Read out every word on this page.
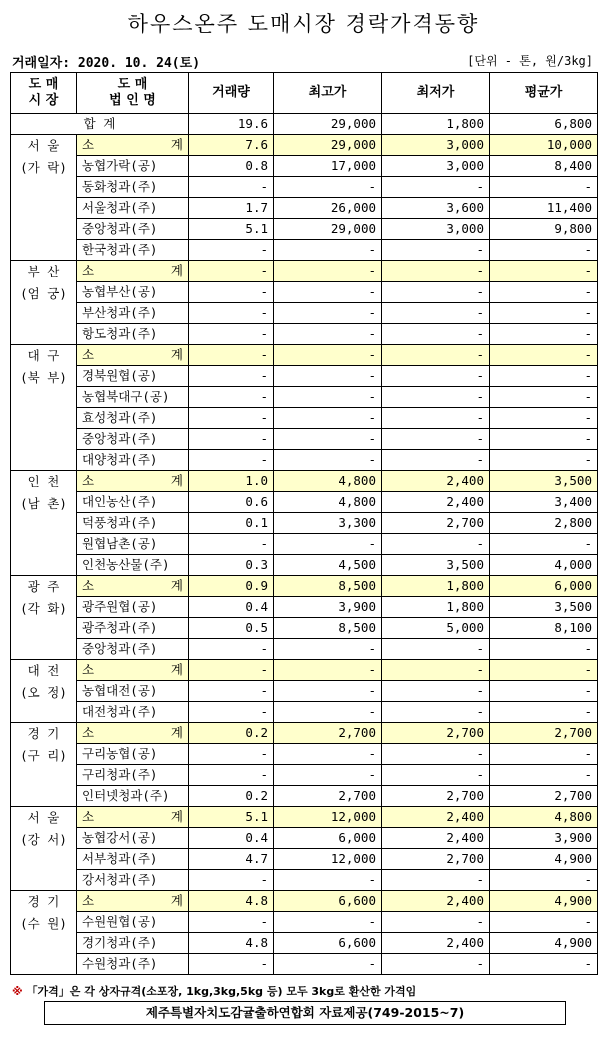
하우스온주 도매시장 경락가격동향
거래일자: 2020. 10. 24(토)	[단위 - 톤, 원/3kg]
도 매
시 장	도 매
법 인 명	거래량	최고가	최저가	평균가
합 계		19.6	29,000	1,800	6,800
서 울
(가 락)	소 계	7.6	29,000	3,000	10,000
	농협가락(공)	0.8	17,000	3,000	8,400
	동화청과(주)	-	-	-	-
	서울청과(주)	1.7	26,000	3,600	11,400
	중앙청과(주)	5.1	29,000	3,000	9,800
	한국청과(주)	-	-	-	-
부 산
(엄 궁)	소 계	-	-	-	-
	농협부산(공)	-	-	-	-
	부산청과(주)	-	-	-	-
	항도청과(주)	-	-	-	-
대 구
(북 부)	소 계	-	-	-	-
	경북원협(공)	-	-	-	-
	농협북대구(공)	-	-	-	-
	효성청과(주)	-	-	-	-
	중앙청과(주)	-	-	-	-
	대양청과(주)	-	-	-	-
인 천
(남 촌)	소 계	1.0	4,800	2,400	3,500
	대인농산(주)	0.6	4,800	2,400	3,400
	덕풍청과(주)	0.1	3,300	2,700	2,800
	원협남촌(공)	-	-	-	-
	인천농산물(주)	0.3	4,500	3,500	4,000
광 주
(각 화)	소 계	0.9	8,500	1,800	6,000
	광주원협(공)	0.4	3,900	1,800	3,500
	광주청과(주)	0.5	8,500	5,000	8,100
	중앙청과(주)	-	-	-	-
대 전
(오 정)	소 계	-	-	-	-
	농협대전(공)	-	-	-	-
	대전청과(주)	-	-	-	-
경 기
(구 리)	소 계	0.2	2,700	2,700	2,700
	구리농협(공)	-	-	-	-
	구리청과(주)	-	-	-	-
	인터넷청과(주)	0.2	2,700	2,700	2,700
서 울
(강 서)	소 계	5.1	12,000	2,400	4,800
	농협강서(공)	0.4	6,000	2,400	3,900
	서부청과(주)	4.7	12,000	2,700	4,900
	강서청과(주)	-	-	-	-
경 기
(수 원)	소 계	4.8	6,600	2,400	4,900
	수원원협(공)	-	-	-	-
	경기청과(주)	4.8	6,600	2,400	4,900
	수원청과(주)	-	-	-	-
※ 「가격」은 각 상자규격(소포장, 1kg,3kg,5kg 등) 모두 3kg로 환산한 가격임
제주특별자치도감귤출하연합회 자료제공(749-2015~7)
